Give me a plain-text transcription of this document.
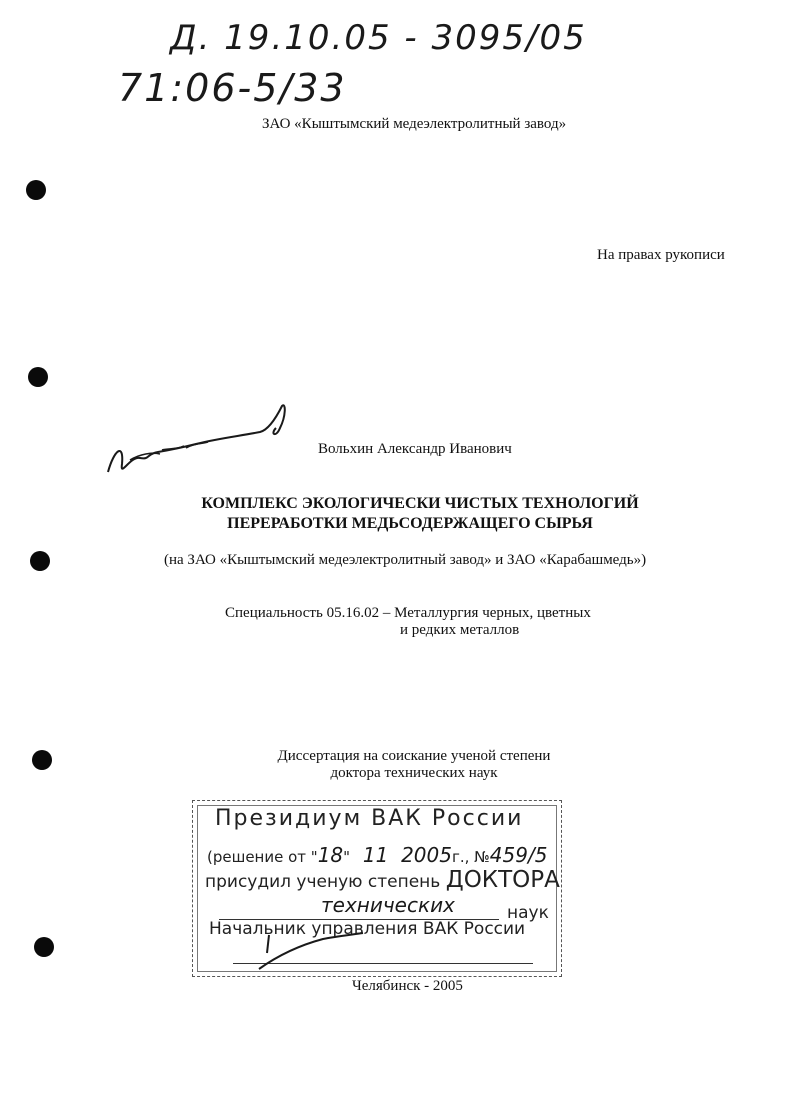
Д. 19.10.05 - 3095/05
71:06-5/33
ЗАО «Кыштымский медеэлектролитный завод»
На правах рукописи
Вольхин Александр Иванович
КОМПЛЕКС ЭКОЛОГИЧЕСКИ ЧИСТЫХ ТЕХНОЛОГИЙ
ПЕРЕРАБОТКИ МЕДЬСОДЕРЖАЩЕГО СЫРЬЯ
(на ЗАО «Кыштымский медеэлектролитный завод» и ЗАО «Карабашмедь»)
Специальность 05.16.02 – Металлургия черных, цветных
и редких металлов
Диссертация на соискание ученой степени
доктора технических наук
Президиум ВАК России
(решение от "18" 11 2005г., №459/5
присудил ученую степень ДОКТОРА
технических	наук
Начальник управления ВАК России
Челябинск - 2005
